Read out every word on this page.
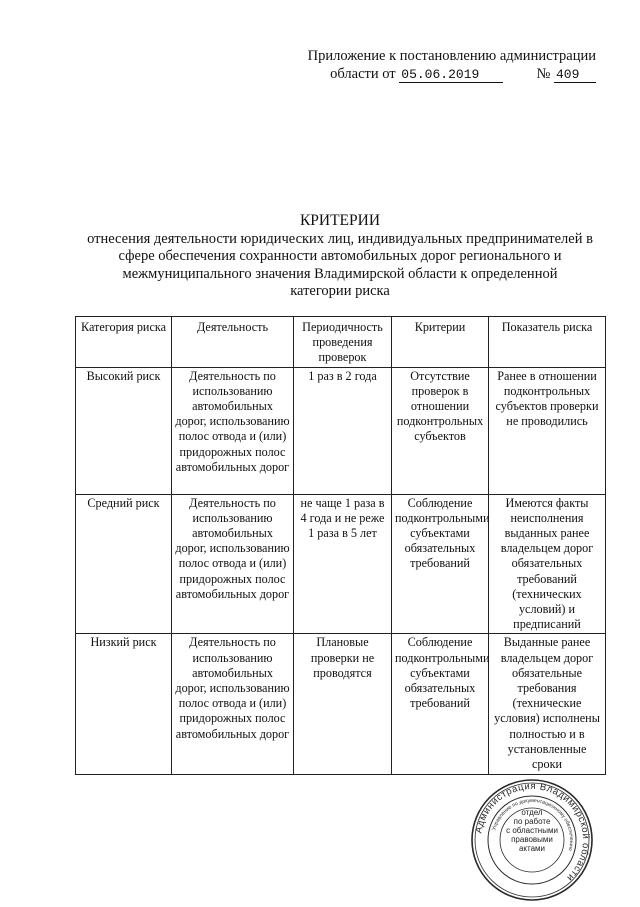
Приложение к постановлению администрации
области от 05.06.2019	№ 409
КРИТЕРИИ
отнесения деятельности юридических лиц, индивидуальных предпринимателей в
сфере обеспечения сохранности автомобильных дорог регионального и
межмуниципального значения Владимирской области к определенной
категории риска
Категория риска	Деятельность	Периодичность проведения проверок	Критерии	Показатель риска
Высокий риск	Деятельность по использованию автомобильных дорог, использованию полос отвода и (или) придорожных полос автомобильных дорог	1 раз в 2 года	Отсутствие проверок в отношении подконтрольных субъектов	Ранее в отношении подконтрольных субъектов проверки не проводились
Средний риск	Деятельность по использованию автомобильных дорог, использованию полос отвода и (или) придорожных полос автомобильных дорог	не чаще 1 раза в 4 года и не реже 1 раза в 5 лет	Соблюдение подконтрольными субъектами обязательных требований	Имеются факты неисполнения выданных ранее владельцем дорог обязательных требований (технических условий) и предписаний
Низкий риск	Деятельность по использованию автомобильных дорог, использованию полос отвода и (или) придорожных полос автомобильных дорог	Плановые проверки не проводятся	Соблюдение подконтрольными субъектами обязательных требований	Выданные ранее владельцем дорог обязательные требования (технические условия) исполнены полностью и в установленные сроки
Администрация Владимирской области
Управление по документационному обеспечению
отдел
по работе
с областными
правовыми
актами
